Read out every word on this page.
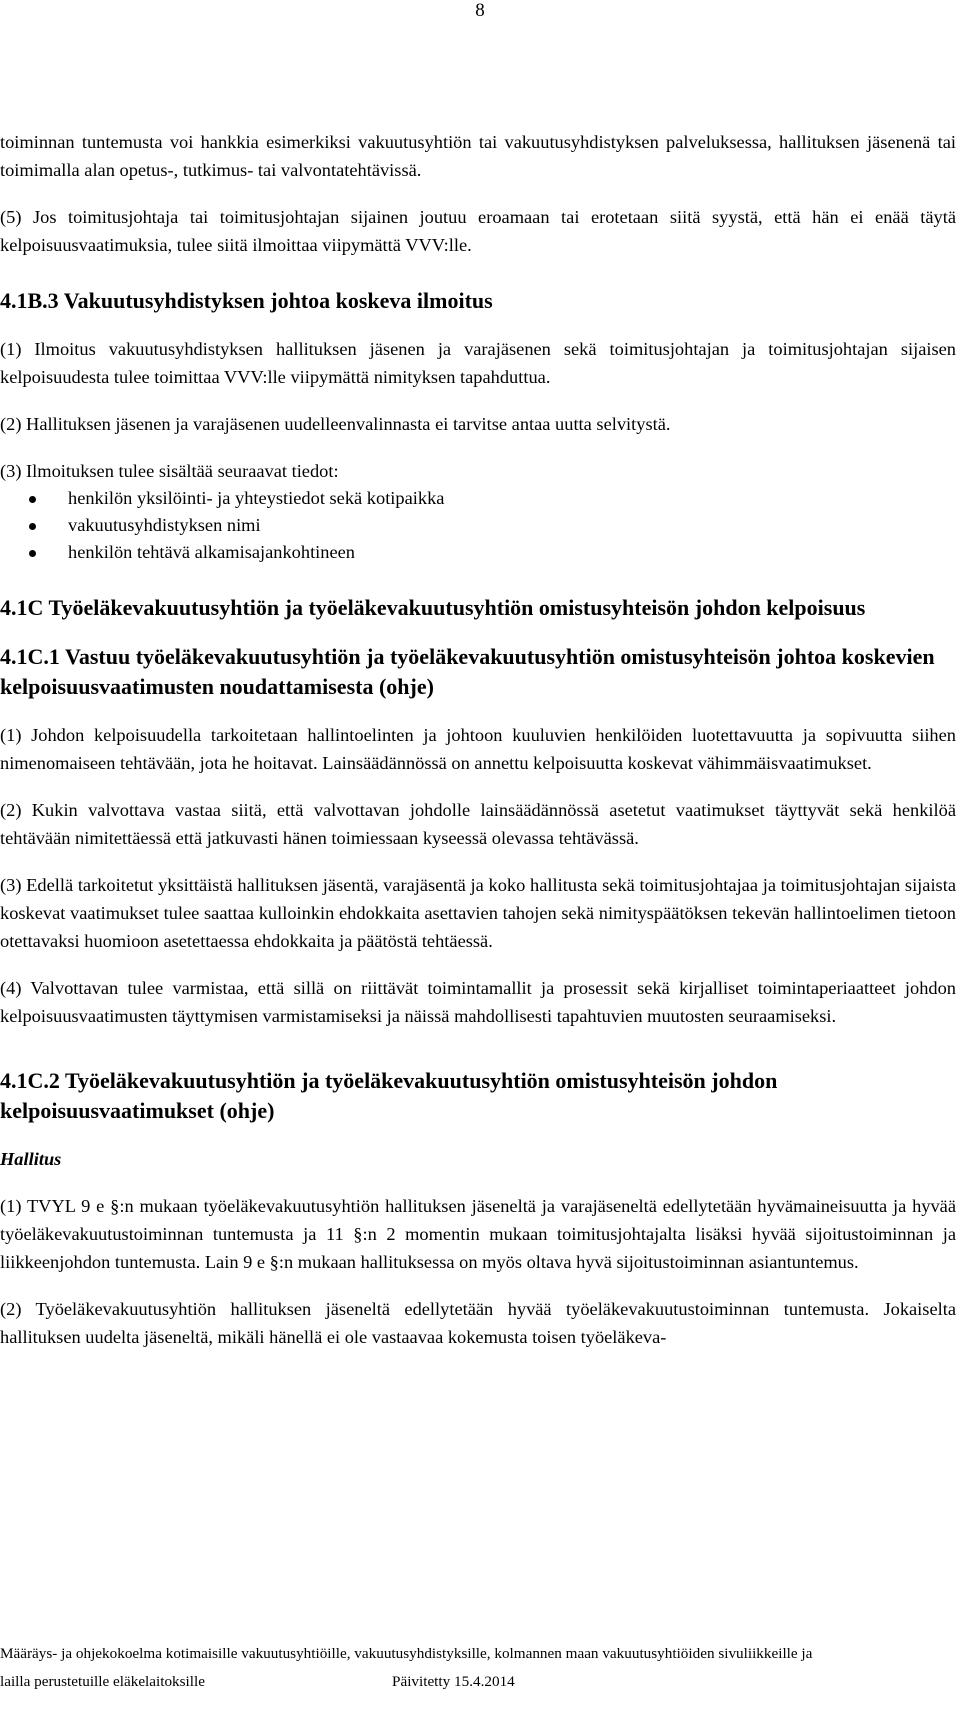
8

toiminnan tuntemusta voi hankkia esimerkiksi vakuutusyhtiön tai vakuutusyhdistyksen palveluksessa, hallituksen jäsenenä tai toimimalla alan opetus-, tutkimus- tai valvontatehtävissä.

(5) Jos toimitusjohtaja tai toimitusjohtajan sijainen joutuu eroamaan tai erotetaan siitä syystä, että hän ei enää täytä kelpoisuusvaatimuksia, tulee siitä ilmoittaa viipymättä VVV:lle.

4.1B.3 Vakuutusyhdistyksen johtoa koskeva ilmoitus

(1) Ilmoitus vakuutusyhdistyksen hallituksen jäsenen ja varajäsenen sekä toimitusjohtajan ja toimitusjohtajan sijaisen kelpoisuudesta tulee toimittaa VVV:lle viipymättä nimityksen tapahduttua.

(2) Hallituksen jäsenen ja varajäsenen uudelleenvalinnasta ei tarvitse antaa uutta selvitystä.

(3) Ilmoituksen tulee sisältää seuraavat tiedot:

henkilön yksilöinti- ja yhteystiedot sekä kotipaikka
vakuutusyhdistyksen nimi
henkilön tehtävä alkamisajankohtineen
4.1C Työeläkevakuutusyhtiön ja työeläkevakuutusyhtiön omistusyhteisön johdon kelpoisuus
4.1C.1 Vastuu työeläkevakuutusyhtiön ja työeläkevakuutusyhtiön omistusyhteisön johtoa koskevien kelpoisuusvaatimusten noudattamisesta (ohje)

(1) Johdon kelpoisuudella tarkoitetaan hallintoelinten ja johtoon kuuluvien henkilöiden luotettavuutta ja sopivuutta siihen nimenomaiseen tehtävään, jota he hoitavat. Lainsäädännössä on annettu kelpoisuutta koskevat vähimmäisvaatimukset.

(2) Kukin valvottava vastaa siitä, että valvottavan johdolle lainsäädännössä asetetut vaatimukset täyttyvät sekä henkilöä tehtävään nimitettäessä että jatkuvasti hänen toimiessaan kyseessä olevassa tehtävässä.

(3) Edellä tarkoitetut yksittäistä hallituksen jäsentä, varajäsentä ja koko hallitusta sekä toimitusjohtajaa ja toimitusjohtajan sijaista koskevat vaatimukset tulee saattaa kulloinkin ehdokkaita asettavien tahojen sekä nimityspäätöksen tekevän hallintoelimen tietoon otettavaksi huomioon asetettaessa ehdokkaita ja päätöstä tehtäessä.

(4) Valvottavan tulee varmistaa, että sillä on riittävät toimintamallit ja prosessit sekä kirjalliset toimintaperiaatteet johdon kelpoisuusvaatimusten täyttymisen varmistamiseksi ja näissä mahdollisesti tapahtuvien muutosten seuraamiseksi.

4.1C.2 Työeläkevakuutusyhtiön ja työeläkevakuutusyhtiön omistusyhteisön johdon kelpoisuusvaatimukset (ohje)
Hallitus

(1) TVYL 9 e §:n mukaan työeläkevakuutusyhtiön hallituksen jäseneltä ja varajäseneltä edellytetään hyvämaineisuutta ja hyvää työeläkevakuutustoiminnan tuntemusta ja 11 §:n 2 momentin mukaan toimitusjohtajalta lisäksi hyvää sijoitustoiminnan ja liikkeenjohdon tuntemusta. Lain 9 e §:n mukaan hallituksessa on myös oltava hyvä sijoitustoiminnan asiantuntemus.

(2) Työeläkevakuutusyhtiön hallituksen jäseneltä edellytetään hyvää työeläkevakuutustoiminnan tuntemusta. Jokaiselta hallituksen uudelta jäseneltä, mikäli hänellä ei ole vastaavaa kokemusta toisen työeläkeva-

Määräys- ja ohjekokoelma kotimaisille vakuutusyhtiöille, vakuutusyhdistyksille, kolmannen maan vakuutusyhtiöiden sivuliikkeille ja
laillа perustetuille eläkelaitoksille	Päivitetty 15.4.2014
